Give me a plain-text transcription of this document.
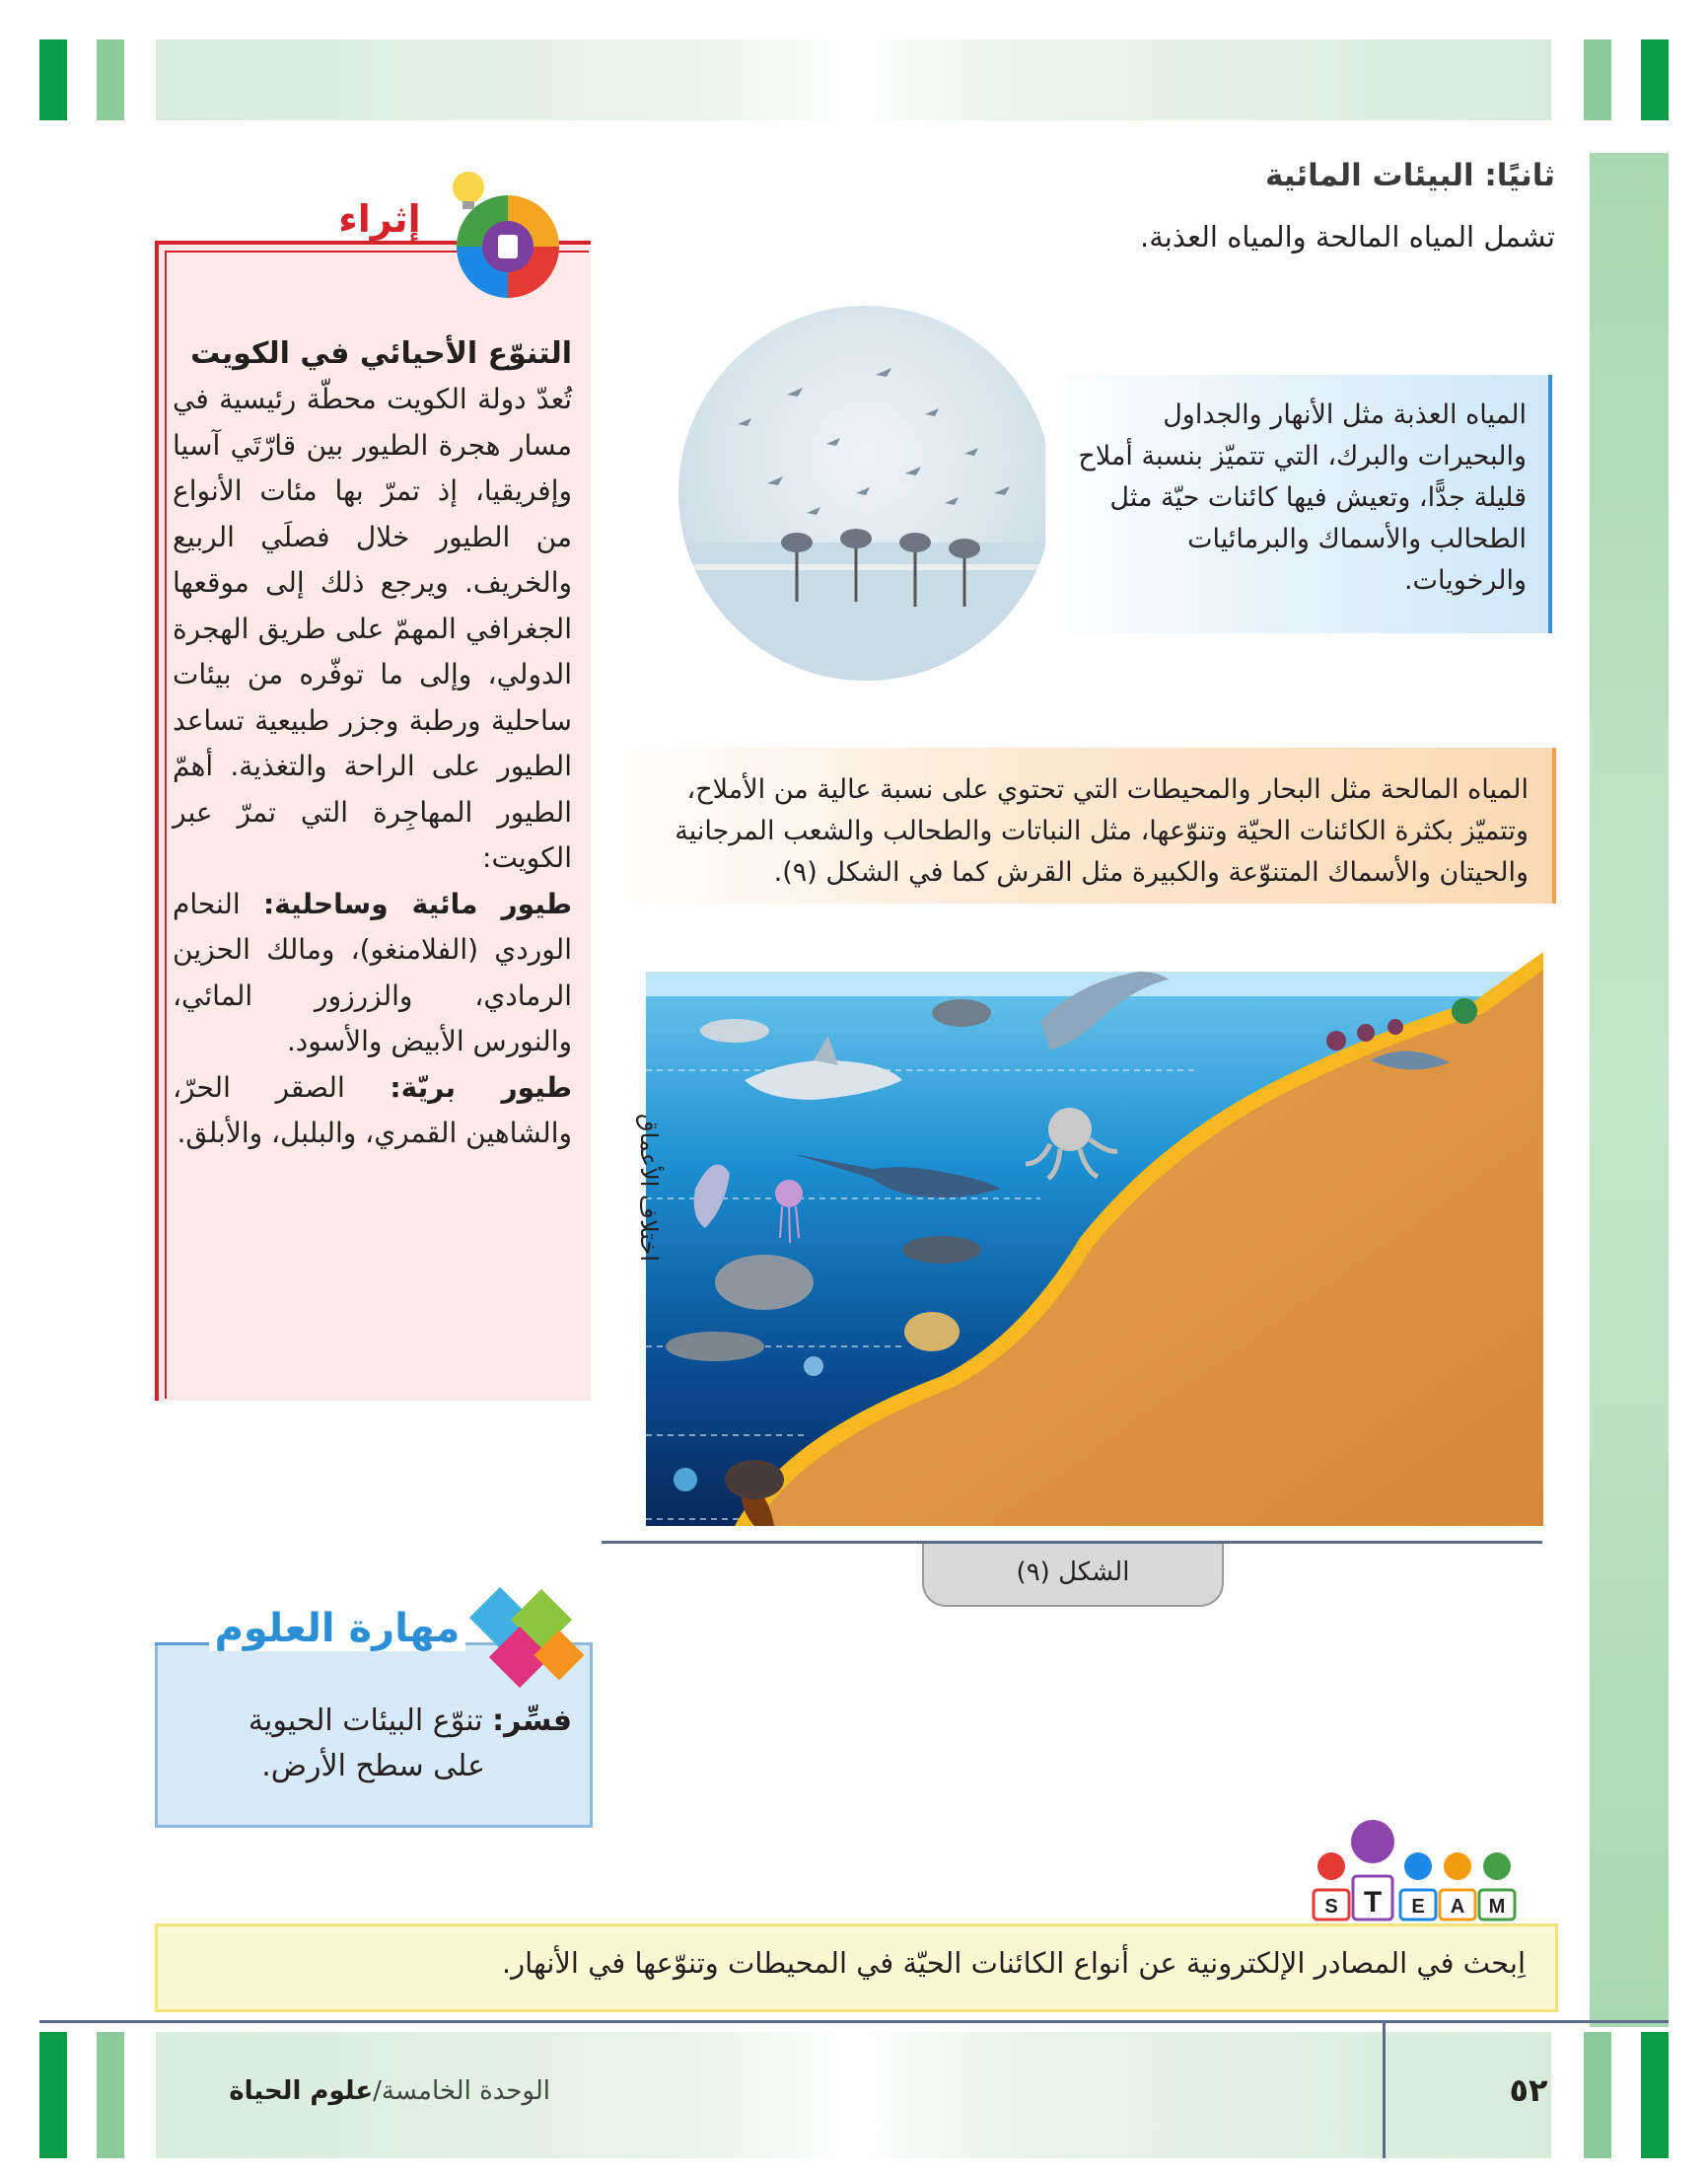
ثانيًا: البيئات المائية
تشمل المياه المالحة والمياه العذبة.
المياه العذبة مثل الأنهار والجداول والبحيرات والبرك، التي تتميّز بنسبة أملاح قليلة جدًّا، وتعيش فيها كائنات حيّة مثل الطحالب والأسماك والبرمائيات والرخويات.
المياه المالحة مثل البحار والمحيطات التي تحتوي على نسبة عالية من الأملاح، وتتميّز بكثرة الكائنات الحيّة وتنوّعها، مثل النباتات والطحالب والشعب المرجانية والحيتان والأسماك المتنوّعة والكبيرة مثل القرش كما في الشكل (٩).
اختلاف الأعماق
الشكل (٩)
إثراء
التنوّع الأحيائي في الكويت
تُعدّ دولة الكويت محطّة رئيسية في مسار هجرة الطيور بين قارّتَي آسيا وإفريقيا، إذ تمرّ بها مئات الأنواع من الطيور خلال فصلَي الربيع والخريف. ويرجع ذلك إلى موقعها الجغرافي المهمّ على طريق الهجرة الدولي، وإلى ما توفّره من بيئات ساحلية ورطبة وجزر طبيعية تساعد الطيور على الراحة والتغذية. أهمّ الطيور المهاجِرة التي تمرّ عبر الكويت:
طيور مائية وساحلية: النحام الوردي (الفلامنغو)، ومالك الحزين الرمادي، والزرزور المائي، والنورس الأبيض والأسود.
طيور بريّة: الصقر الحرّ، والشاهين القمري، والبلبل، والأبلق.
مهارة العلوم
فسِّر: تنوّع البيئات الحيوية
على سطح الأرض.
S T E A M
اِبحث في المصادر الإلكترونية عن أنواع الكائنات الحيّة في المحيطات وتنوّعها في الأنهار.
الوحدة الخامسة/علوم الحياة	٥٢
